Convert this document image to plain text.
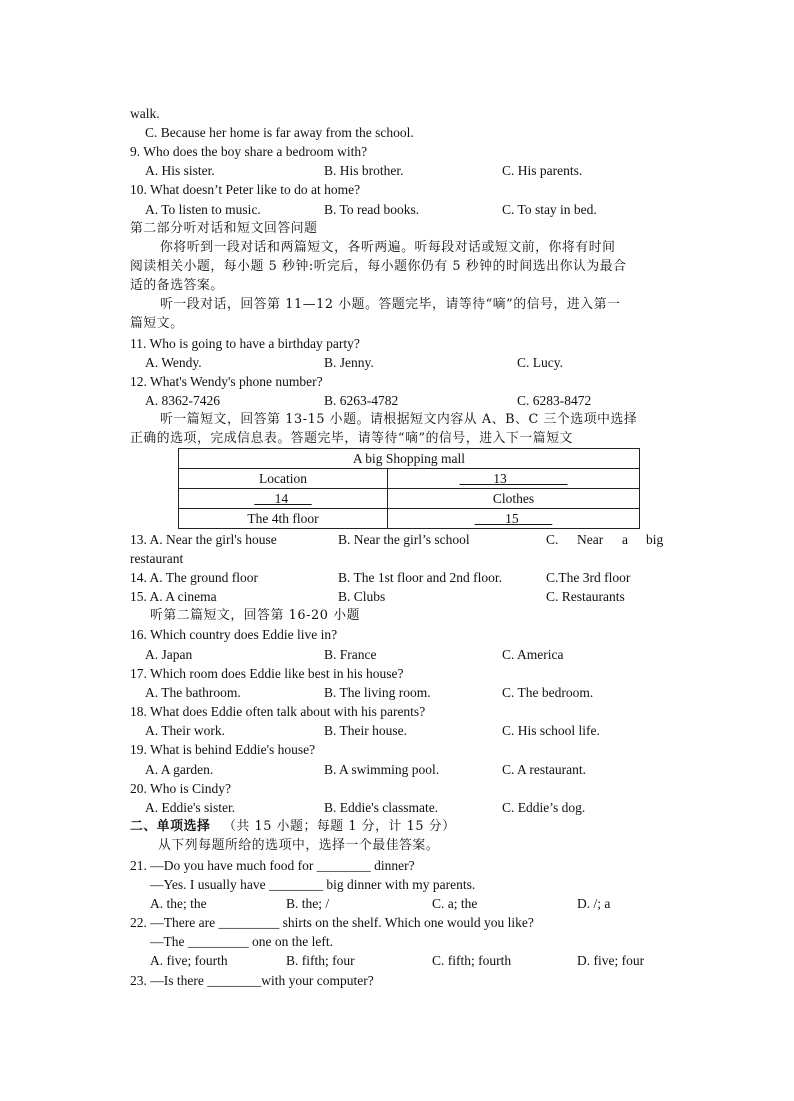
walk.
C. Because her home is far away from the school.
9. Who does the boy share a bedroom with?
A. His sister.	B. His brother.	C. His parents.
10. What doesn’t Peter like to do at home?
A. To listen to music.	B. To read books.	C. To stay in bed.
第二部分听对话和短文回答问题
你将听到一段对话和两篇短文，各听两遍。听每段对话或短文前，你将有时间
阅读相关小题，每小题 5 秒钟:听完后，每小题你仍有 5 秒钟的时间选出你认为最合
适的备选答案。
听一段对话，回答第 11—12 小题。答题完毕，请等待“嘀”的信号，进入第一
篇短文。
11. Who is going to have a birthday party?
A. Wendy.	B. Jenny.	C. Lucy.
12. What's Wendy's phone number?
A. 8362-7426	B. 6263-4782	C. 6283-8472
听一篇短文，回答第 13-15 小题。请根据短文内容从 A、B、C 三个选项中选择
正确的选项，完成信息表。答题完毕，请等待“嘀”的信号，进入下一篇短文
A big Shopping mall	
Location	13
14	Clothes
The 4th floor	15
13. A. Near the girl's house	B. Near the girl’s school	C. Near a big
restaurant
14. A. The ground floor	B. The 1st floor and 2nd floor.	C.The 3rd floor
15. A. A cinema	B. Clubs	C. Restaurants
听第二篇短文，回答第 16-20 小题
16. Which country does Eddie live in?
A. Japan	B. France	C. America
17. Which room does Eddie like best in his house?
A. The bathroom.	B. The living room.	C. The bedroom.
18. What does Eddie often talk about with his parents?
A. Their work.	B. Their house.	C. His school life.
19. What is behind Eddie's house?
A. A garden.	B. A swimming pool.	C. A restaurant.
20. Who is Cindy?
A. Eddie's sister.	B. Eddie's classmate.	C. Eddie’s dog.
二、单项选择 （共 15 小题；每题 1 分，计 15 分）
从下列每题所给的选项中，选择一个最佳答案。
21. —Do you have much food for ________ dinner?
—Yes. I usually have ________ big dinner with my parents.
A. the; the	B. the; /	C. a; the	D. /; a
22. —There are _________ shirts on the shelf. Which one would you like?
—The _________ one on the left.
A. five; fourth	B. fifth; four	C. fifth; fourth	D. five; four
23. —Is there ________with your computer?
